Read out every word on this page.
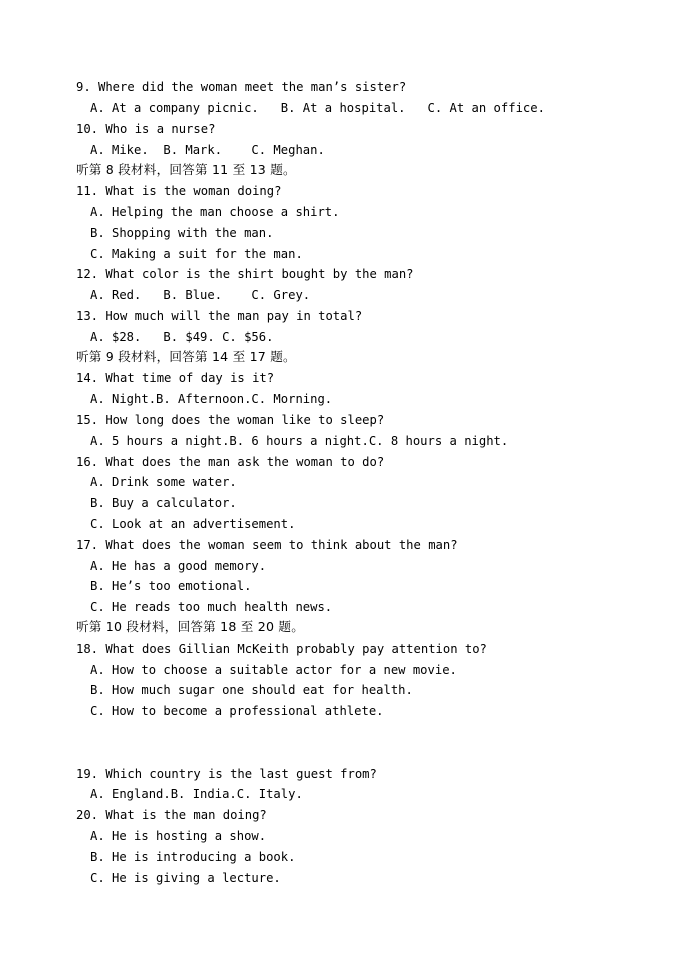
9. Where did the woman meet the man’s sister?
A. At a company picnic.   B. At a hospital.   C. At an office.
10. Who is a nurse?
A. Mike.  B. Mark.    C. Meghan.
听第 8 段材料，回答第 11 至 13 题。
11. What is the woman doing?
A. Helping the man choose a shirt.
B. Shopping with the man.
C. Making a suit for the man.
12. What color is the shirt bought by the man?
A. Red.   B. Blue.    C. Grey.
13. How much will the man pay in total?
A. $28.   B. $49. C. $56.
听第 9 段材料，回答第 14 至 17 题。
14. What time of day is it?
A. Night.B. Afternoon.C. Morning.
15. How long does the woman like to sleep?
A. 5 hours a night.B. 6 hours a night.C. 8 hours a night.
16. What does the man ask the woman to do?
A. Drink some water.
B. Buy a calculator.
C. Look at an advertisement.
17. What does the woman seem to think about the man?
A. He has a good memory.
B. He’s too emotional.
C. He reads too much health news.
听第 10 段材料，回答第 18 至 20 题。
18. What does Gillian McKeith probably pay attention to?
A. How to choose a suitable actor for a new movie.
B. How much sugar one should eat for health.
C. How to become a professional athlete.
19. Which country is the last guest from?
A. England.B. India.C. Italy.
20. What is the man doing?
A. He is hosting a show.
B. He is introducing a book.
C. He is giving a lecture.
